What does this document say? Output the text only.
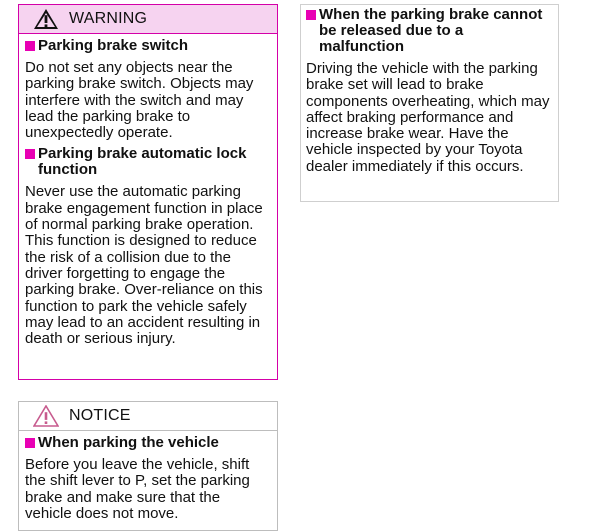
WARNING
Parking brake switch
Do not set any objects near the parking brake switch. Objects may interfere with the switch and may lead the parking brake to unexpectedly operate.
Parking brake automatic lock function
Never use the automatic parking brake engagement function in place of normal parking brake operation. This function is designed to reduce the risk of a collision due to the driver forgetting to engage the parking brake. Over-reliance on this function to park the vehicle safely may lead to an accident resulting in death or serious injury.
When the parking brake cannot be released due to a malfunction
Driving the vehicle with the parking brake set will lead to brake components overheating, which may affect braking performance and increase brake wear. Have the vehicle inspected by your Toyota dealer immediately if this occurs.
NOTICE
When parking the vehicle
Before you leave the vehicle, shift the shift lever to P, set the parking brake and make sure that the vehicle does not move.
